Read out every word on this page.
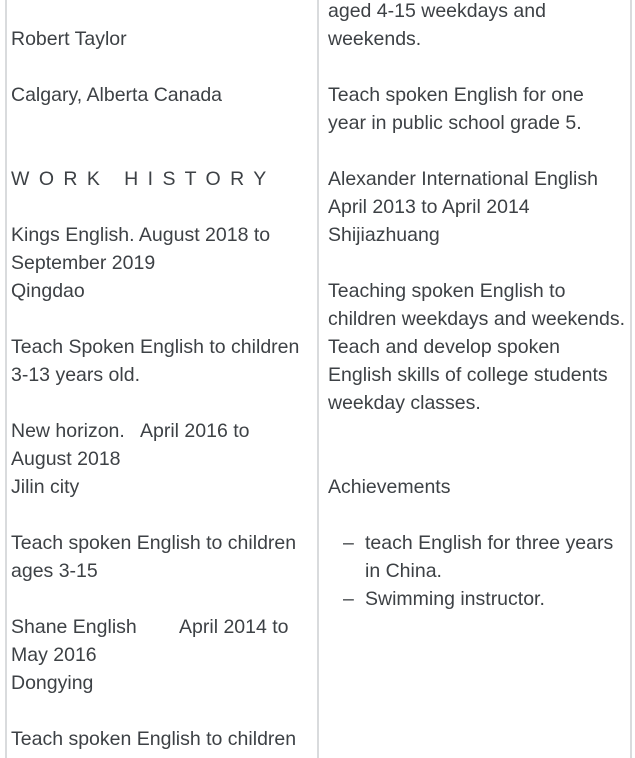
Robert Taylor
Calgary, Alberta Canada
W O R K   H I S T O R Y
Kings English. August 2018 to
September 2019
Qingdao
Teach Spoken English to children
3-13 years old.
New horizon.   April 2016 to
August 2018
Jilin city
Teach spoken English to children
ages 3-15
Shane English        April 2014 to
May 2016
Dongying
Teach spoken English to children
aged 4-15 weekdays and
weekends.
Teach spoken English for one
year in public school grade 5.
Alexander International English
April 2013 to April 2014
Shijiazhuang
Teaching spoken English to
children weekdays and weekends.
Teach and develop spoken
English skills of college students
weekday classes.
Achievements
– teach English for three years
in China.
– Swimming instructor.
